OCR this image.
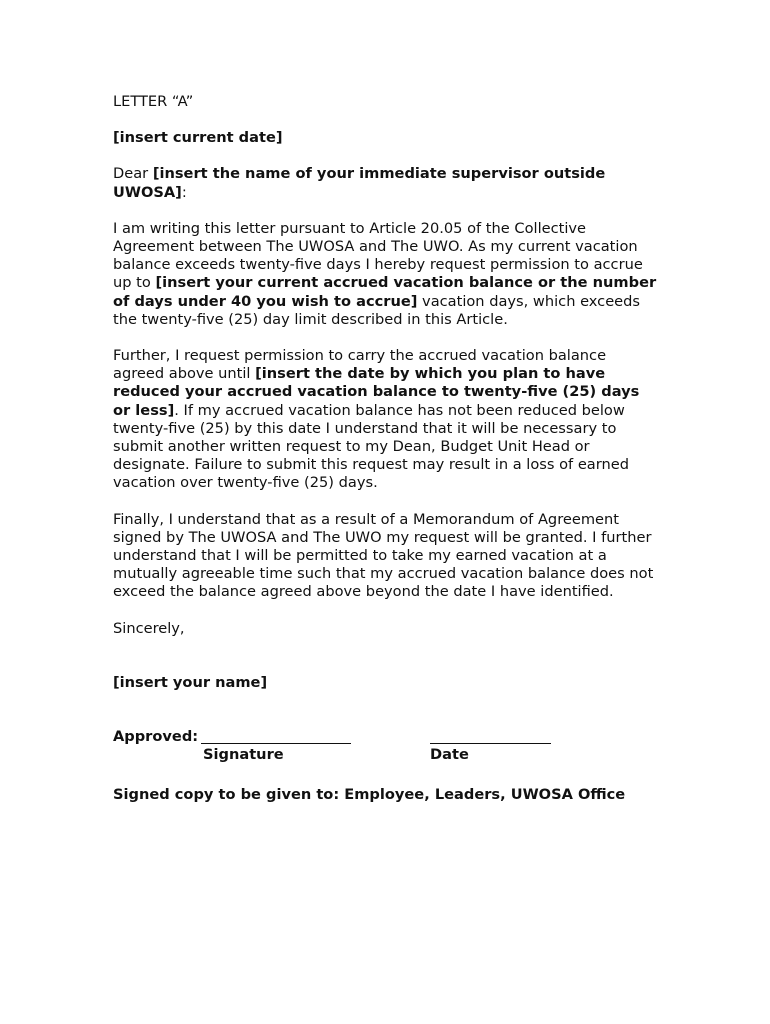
LETTER “A”

[insert current date]

Dear [insert the name of your immediate supervisor outside UWOSA]:

I am writing this letter pursuant to Article 20.05 of the Collective Agreement between The UWOSA and The UWO. As my current vacation balance exceeds twenty-five days I hereby request permission to accrue up to [insert your current accrued vacation balance or the number of days under 40 you wish to accrue] vacation days, which exceeds the twenty-five (25) day limit described in this Article.

Further, I request permission to carry the accrued vacation balance agreed above until [insert the date by which you plan to have reduced your accrued vacation balance to twenty-five (25) days or less]. If my accrued vacation balance has not been reduced below twenty-five (25) by this date I understand that it will be necessary to submit another written request to my Dean, Budget Unit Head or designate. Failure to submit this request may result in a loss of earned vacation over twenty-five (25) days.

Finally, I understand that as a result of a Memorandum of Agreement signed by The UWOSA and The UWO my request will be granted. I further understand that I will be permitted to take my earned vacation at a mutually agreeable time such that my accrued vacation balance does not exceed the balance agreed above beyond the date I have identified.

Sincerely,

[insert your name]

Approved:
Signature	Date

Signed copy to be given to: Employee, Leaders, UWOSA Office
